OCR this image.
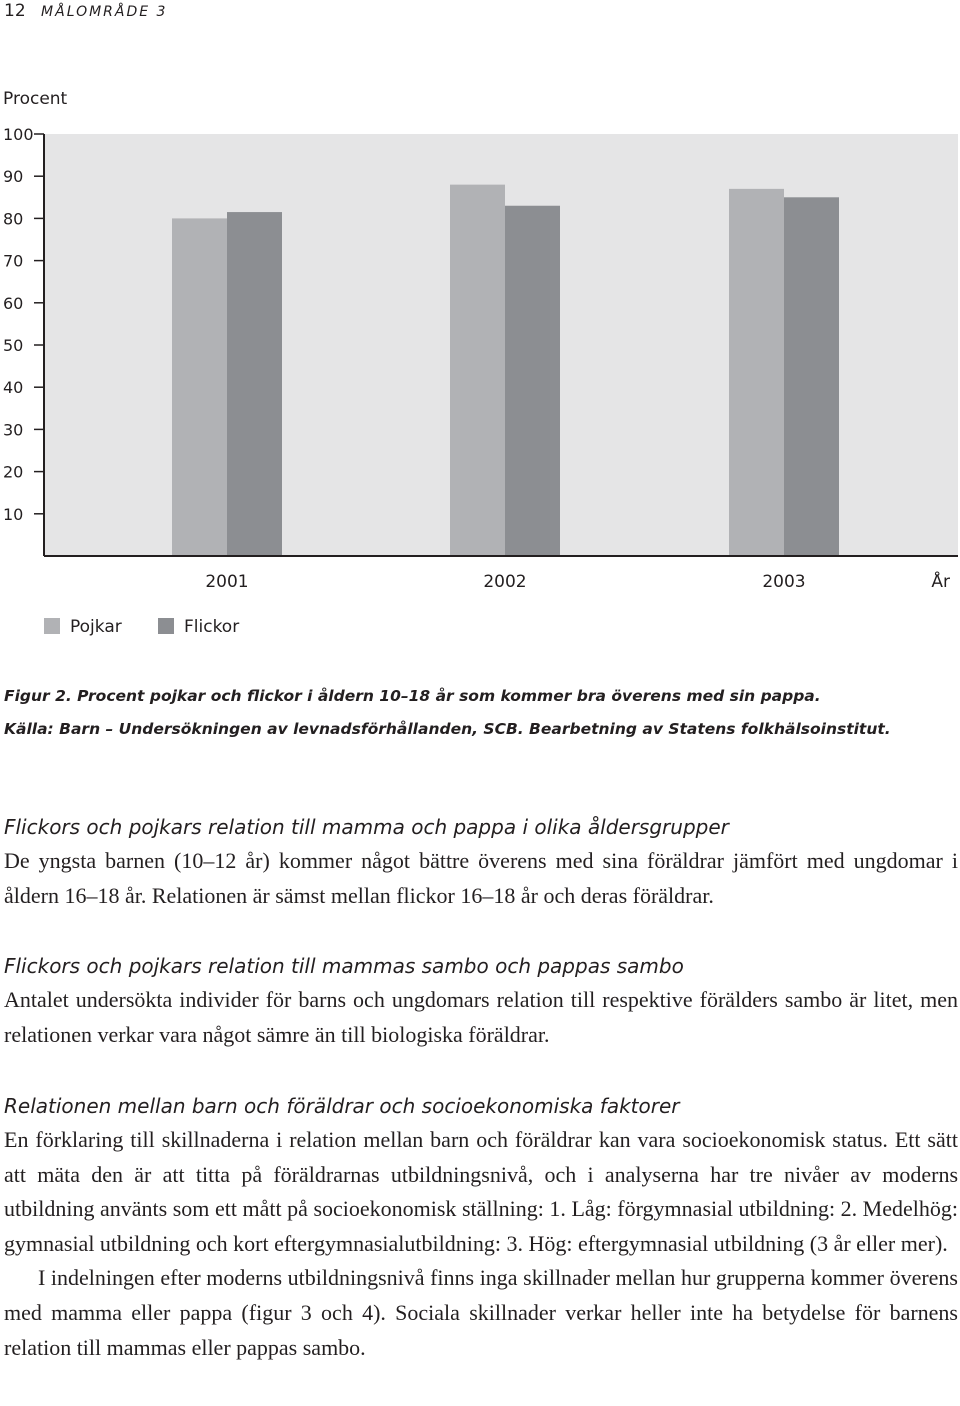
12 MÅLOMRÅDE 3
Procent
10
20
30
40
50
60
70
80
90
100
2001	2002	2003	År
Pojkar	Flickor

Figur 2. Procent pojkar och flickor i åldern 10–18 år som kommer bra överens med sin pappa.

Källa: Barn – Undersökningen av levnadsförhållanden, SCB. Bearbetning av Statens folkhälsoinstitut.

Flickors och pojkars relation till mamma och pappa i olika åldersgrupper

De yngsta barnen (10–12 år) kommer något bättre överens med sina föräldrar jämfört med ungdomar i åldern 16–18 år. Relationen är sämst mellan flickor 16–18 år och deras föräldrar.

Flickors och pojkars relation till mammas sambo och pappas sambo

Antalet undersökta individer för barns och ungdomars relation till respektive förälders sambo är litet, men relationen verkar vara något sämre än till biologiska föräldrar.

Relationen mellan barn och föräldrar och socioekonomiska faktorer

En förklaring till skillnaderna i relation mellan barn och föräldrar kan vara socioekonomisk status. Ett sätt att mäta den är att titta på föräldrarnas utbildningsnivå, och i analyserna har tre nivåer av moderns utbildning använts som ett mått på socioekonomisk ställning: 1. Låg: förgymnasial utbildning: 2. Medelhög: gymnasial utbildning och kort eftergymnasialutbildning: 3. Hög: eftergymnasial utbildning (3 år eller mer).

I indelningen efter moderns utbildningsnivå finns inga skillnader mellan hur grupperna kommer överens med mamma eller pappa (figur 3 och 4). Sociala skillnader verkar heller inte ha betydelse för barnens relation till mammas eller pappas sambo.
